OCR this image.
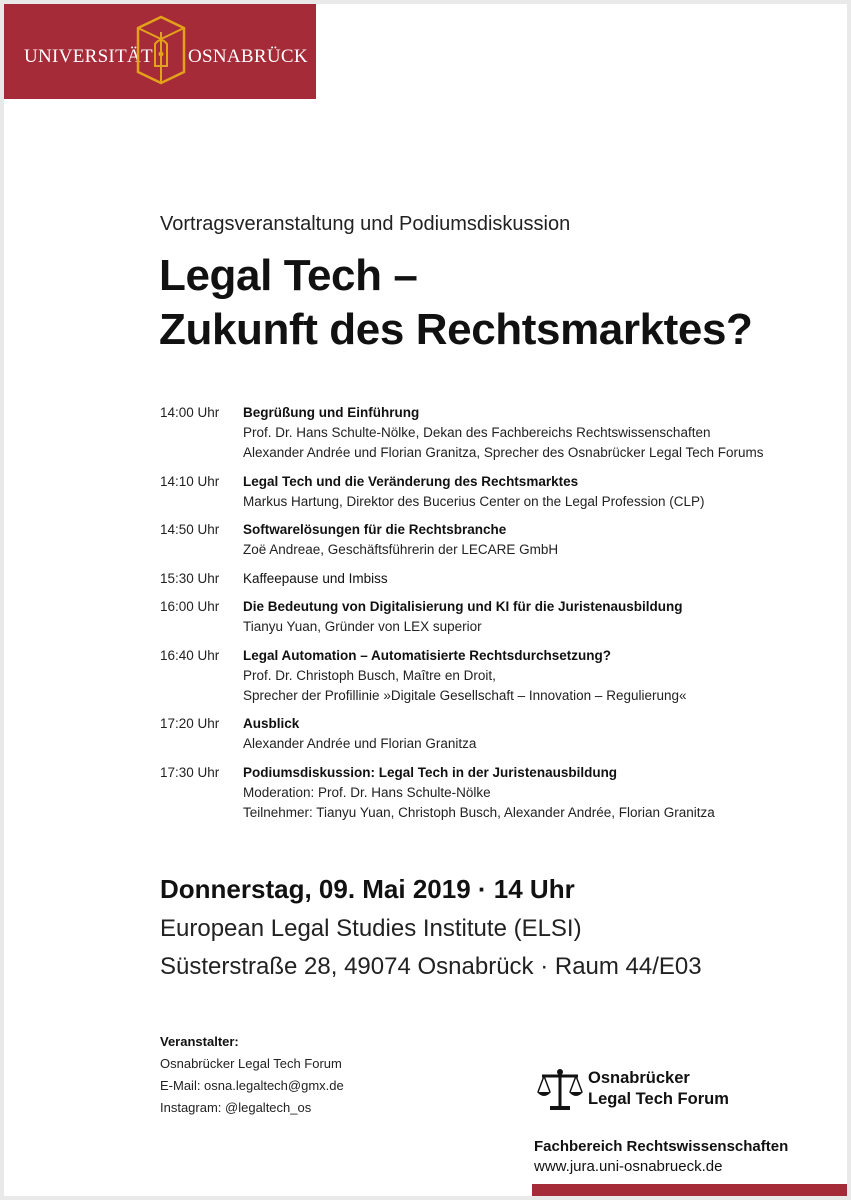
UNIVERSITÄT OSNABRÜCK
Vortragsveranstaltung und Podiumsdiskussion
Legal Tech –
Zukunft des Rechtsmarktes?
14:00 Uhr Begrüßung und Einführung
Prof. Dr. Hans Schulte-Nölke, Dekan des Fachbereichs Rechtswissenschaften
Alexander Andrée und Florian Granitza, Sprecher des Osnabrücker Legal Tech Forums
14:10 Uhr Legal Tech und die Veränderung des Rechtsmarktes
Markus Hartung, Direktor des Bucerius Center on the Legal Profession (CLP)
14:50 Uhr Softwarelösungen für die Rechtsbranche
Zoë Andreae, Geschäftsführerin der LECARE GmbH
15:30 Uhr Kaffeepause und Imbiss
16:00 Uhr Die Bedeutung von Digitalisierung und KI für die Juristenausbildung
Tianyu Yuan, Gründer von LEX superior
16:40 Uhr Legal Automation – Automatisierte Rechtsdurchsetzung?
Prof. Dr. Christoph Busch, Maître en Droit,
Sprecher der Profillinie »Digitale Gesellschaft – Innovation – Regulierung«
17:20 Uhr Ausblick
Alexander Andrée und Florian Granitza
17:30 Uhr Podiumsdiskussion: Legal Tech in der Juristenausbildung
Moderation: Prof. Dr. Hans Schulte-Nölke
Teilnehmer: Tianyu Yuan, Christoph Busch, Alexander Andrée, Florian Granitza
Donnerstag, 09. Mai 2019 · 14 Uhr
European Legal Studies Institute (ELSI)
Süsterstraße 28, 49074 Osnabrück · Raum 44/E03
Veranstalter:
Osnabrücker Legal Tech Forum
E-Mail: osna.legaltech@gmx.de
Instagram: @legaltech_os
Osnabrücker
Legal Tech Forum
Fachbereich Rechtswissenschaften
www.jura.uni-osnabrueck.de
